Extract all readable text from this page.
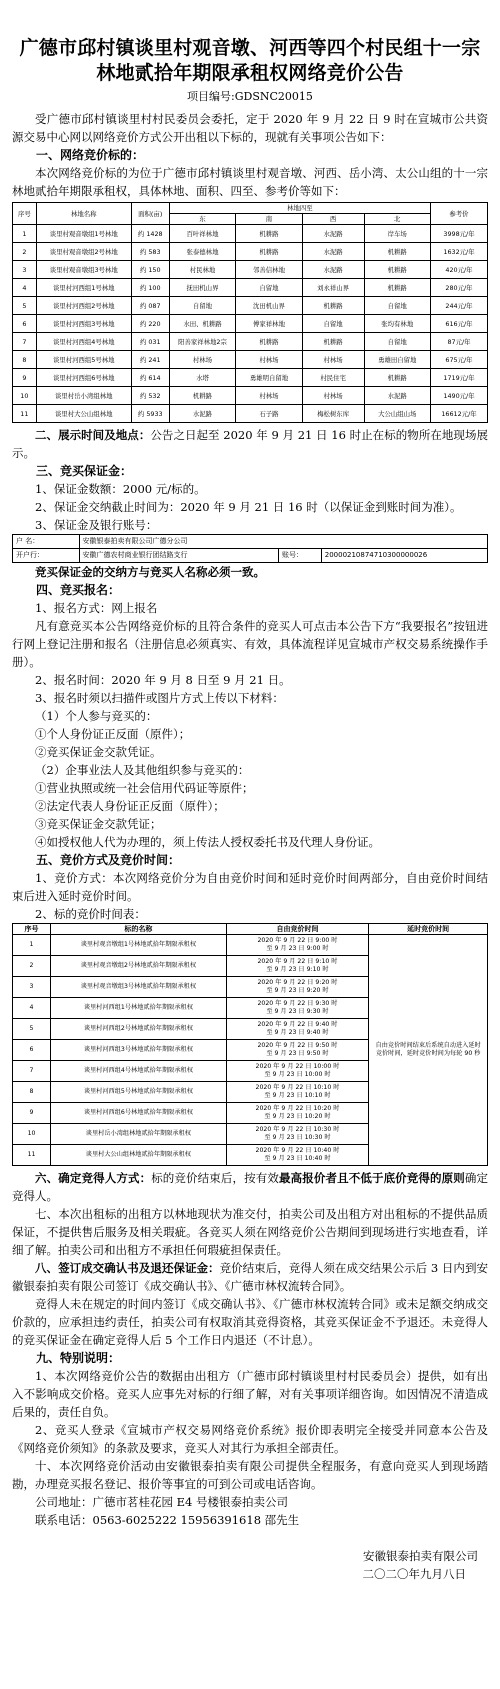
广德市邱村镇谈里村观音墩、河西等四个村民组十一宗林地贰拾年期限承租权网络竞价公告
项目编号:GDSNC20015

受广德市邱村镇谈里村村民委员会委托，定于 2020 年 9 月 22 日 9 时在宣城市公共资源交易中心网以网络竞价方式公开出租以下标的，现就有关事项公告如下：

一、网络竞价标的：

本次网络竞价标的为位于广德市邱村镇谈里村观音墩、河西、岳小湾、太公山组的十一宗林地贰拾年期限承租权，具体林地、面积、四至、参考价等如下：

序号	林地名称	面积(亩)	林地四至				参考价
			东	南	西	北	
1	谈里村观音墩组1号林地	约 1428	百叶祥林地	机耕路	水泥路	岸车场	3998元/年
2	谈里村观音墩组2号林地	约 583	张泰德林地	机耕路	水泥路	机耕路	1632元/年
3	谈里村观音墩组3号林地	约 150	村民林地	邻善信林地	水泥路	机耕路	420元/年
4	谈里村河西组1号林地	约 100	抚田机山界	自留地	刘永祥山界	机耕路	280元/年
5	谈里村河西组2号林地	约 087	自留地	沈田机山界	机耕路	自留地	244元/年
6	谈里村河西组3号林地	约 220	水田、机耕路	傅家祥林地	自留地	张均有林地	616元/年
7	谈里村河西组4号林地	约 031	阳善家祥林地2宗	机耕路	机耕路	自留地	87元/年
8	谈里村河西组5号林地	约 241	村林场	村林场	村林场	勇雄田自留地	675元/年
9	谈里村河西组6号林地	约 614	水塔	勇雄明自留地	村民住宅	机耕路	1719元/年
10	谈里村岳小湾组林地	约 532	机耕路	村林场	村林场	水泥路	1490元/年
11	谈里村大公山组林地	约 5933	水泥路	石子路	梅松树东库	大公山组山场	16612元/年

二、展示时间及地点：公告之日起至 2020 年 9 月 21 日 16 时止在标的物所在地现场展示。

三、竞买保证金：

1、保证金数额：2000 元/标的。

2、保证金交纳截止时间为：2020 年 9 月 21 日 16 时（以保证金到账时间为准）。

3、保证金及银行账号：

户 名：	安徽银泰拍卖有限公司广德分公司		
开户行：	安徽广德农村商业银行团结路支行	账号：	20000210874710300000026

竞买保证金的交纳方与竞买人名称必须一致。

四、竞买报名：

1、报名方式：网上报名

凡有意竞买本公告网络竞价标的且符合条件的竞买人可点击本公告下方“我要报名”按钮进行网上登记注册和报名（注册信息必须真实、有效，具体流程详见宣城市产权交易系统操作手册）。

2、报名时间：2020 年 9 月 8 日至 9 月 21 日。

3、报名时须以扫描件或图片方式上传以下材料：

（1）个人参与竞买的：

①个人身份证正反面（原件）；

②竞买保证金交款凭证。

（2）企事业法人及其他组织参与竞买的：

①营业执照或统一社会信用代码证等原件；

②法定代表人身份证正反面（原件）；

③竞买保证金交款凭证；

④如授权他人代为办理的，须上传法人授权委托书及代理人身份证。

五、竞价方式及竞价时间：

1、竞价方式：本次网络竞价分为自由竞价时间和延时竞价时间两部分，自由竞价时间结束后进入延时竞价时间。

2、标的竞价时间表：

序号	标的名称	自由竞价时间	延时竞价时间
1	谈里村观音墩组1号林地贰拾年期限承租权	2020 年 9 月 22 日 9:00 时
至 9 月 23 日 9:00 时	自由竞价时间结束后系统自动进入延时竞价时间，延时竞价时间为每轮 90 秒
2	谈里村观音墩组2号林地贰拾年期限承租权	2020 年 9 月 22 日 9:10 时
至 9 月 23 日 9:10 时	

3	谈里村观音墩组3号林地贰拾年期限承租权	2020 年 9 月 22 日 9:20 时
至 9 月 23 日 9:20 时	

4	谈里村河西组1号林地贰拾年期限承租权	2020 年 9 月 22 日 9:30 时
至 9 月 23 日 9:30 时	

5	谈里村河西组2号林地贰拾年期限承租权	2020 年 9 月 22 日 9:40 时
至 9 月 23 日 9:40 时	

6	谈里村河西组3号林地贰拾年期限承租权	2020 年 9 月 22 日 9:50 时
至 9 月 23 日 9:50 时	

7	谈里村河西组4号林地贰拾年期限承租权	2020 年 9 月 22 日 10:00 时
至 9 月 23 日 10:00 时	

8	谈里村河西组5号林地贰拾年期限承租权	2020 年 9 月 22 日 10:10 时
至 9 月 23 日 10:10 时	

9	谈里村河西组6号林地贰拾年期限承租权	2020 年 9 月 22 日 10:20 时
至 9 月 23 日 10:20 时	

10	谈里村岳小湾组林地贰拾年期限承租权	2020 年 9 月 22 日 10:30 时
至 9 月 23 日 10:30 时	

11	谈里村大公山组林地贰拾年期限承租权	2020 年 9 月 22 日 10:40 时
至 9 月 23 日 10:40 时	

六、确定竞得人方式：标的竞价结束后，按有效最高报价者且不低于底价竞得的原则确定竞得人。

七、本次出租标的出租方以林地现状为准交付，拍卖公司及出租方对出租标的不提供品质保证，不提供售后服务及相关瑕疵。各竞买人须在网络竞价公告期间到现场进行实地查看，详细了解。拍卖公司和出租方不承担任何瑕疵担保责任。

八、签订成交确认书及退还保证金：竞价结束后，竞得人须在成交结果公示后 3 日内到安徽银泰拍卖有限公司签订《成交确认书》、《广德市林权流转合同》。

竞得人未在规定的时间内签订《成交确认书》、《广德市林权流转合同》或未足额交纳成交价款的，应承担违约责任，拍卖公司有权取消其竞得资格，其竞买保证金不予退还。未竞得人的竞买保证金在确定竞得人后 5 个工作日内退还（不计息）。

九、特别说明：

1、本次网络竞价公告的数据由出租方（广德市邱村镇谈里村村民委员会）提供，如有出入不影响成交价格。竞买人应事先对标的行细了解，对有关事项详细咨询。如因情况不清造成后果的，责任自负。

2、竞买人登录《宣城市产权交易网络竞价系统》报价即表明完全接受并同意本公告及《网络竞价须知》的条款及要求，竞买人对其行为承担全部责任。

十、本次网络竞价活动由安徽银泰拍卖有限公司提供全程服务，有意向竞买人到现场踏勘，办理竞买报名登记、报价等事宜的可到公司或电话咨询。

公司地址：广德市茗桂花园 E4 号楼银泰拍卖公司

联系电话：0563-6025222 15956391618 邵先生

安徽银泰拍卖有限公司
二〇二〇年九月八日
